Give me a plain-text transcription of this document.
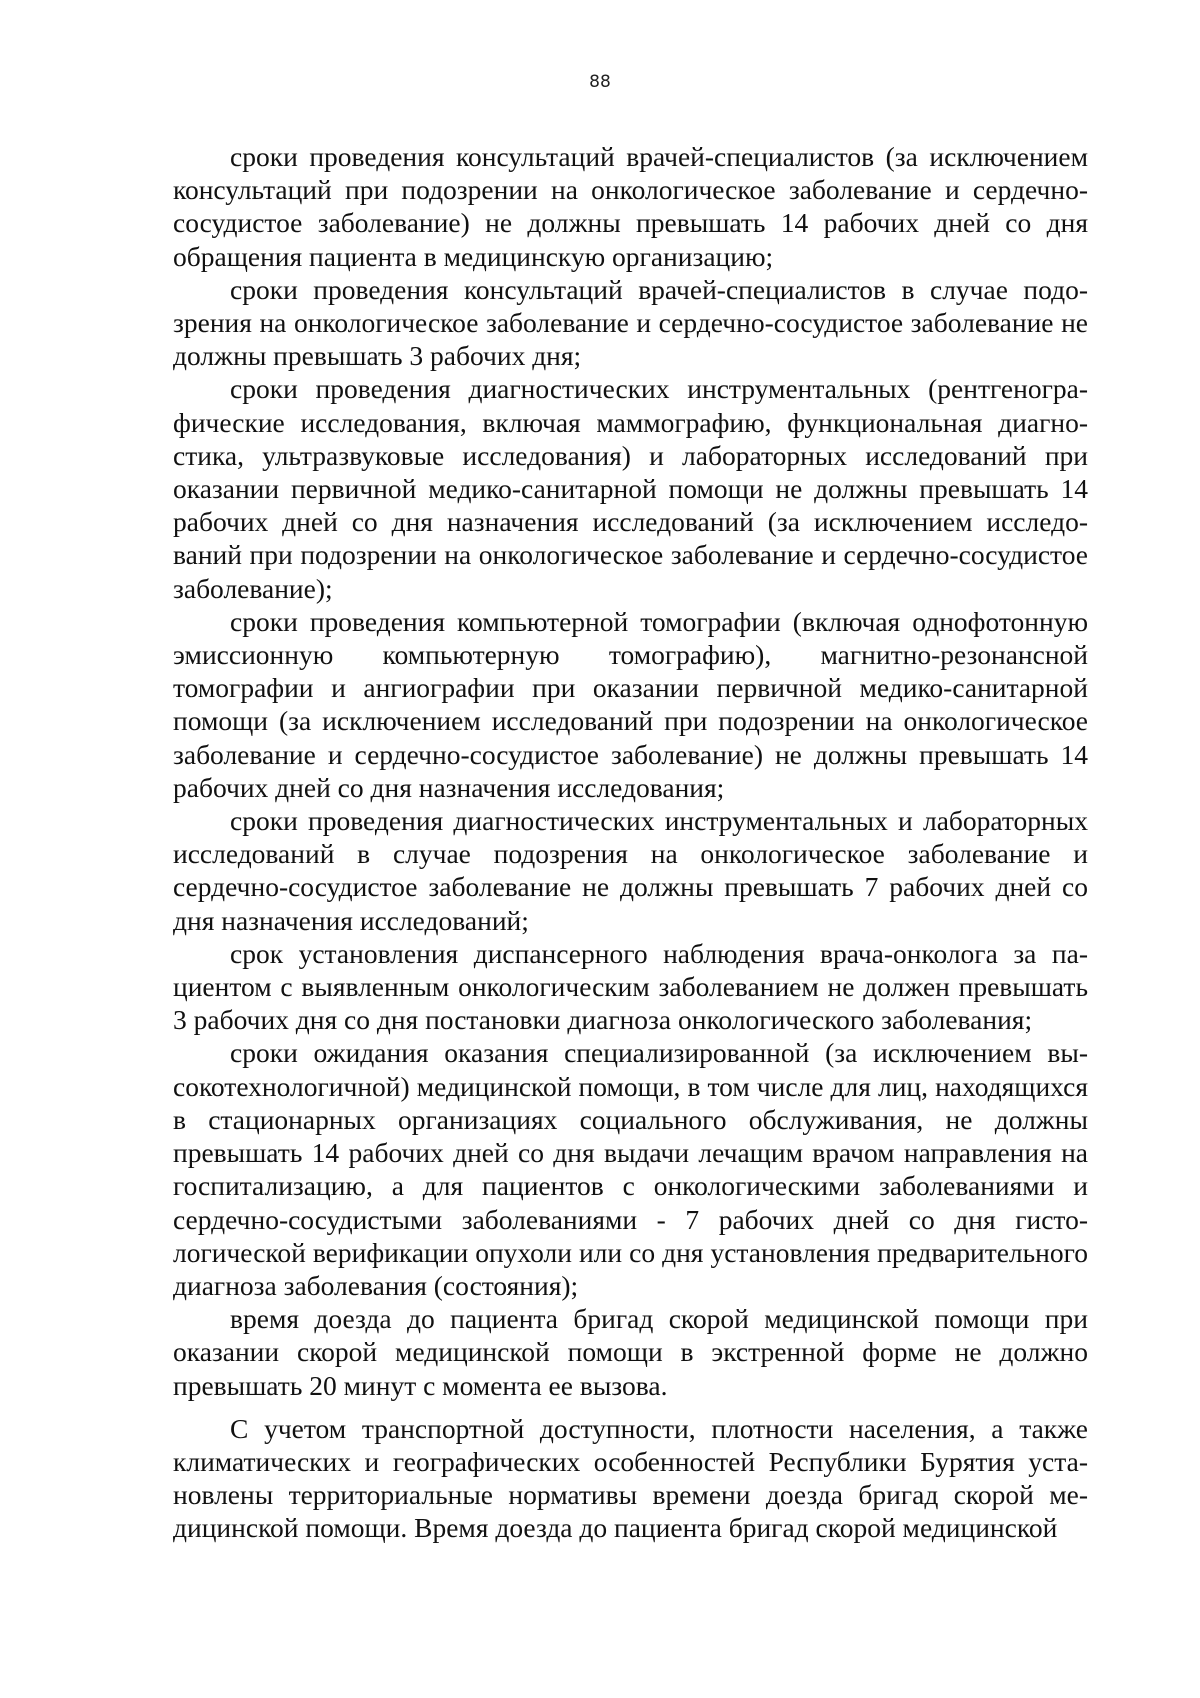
88

сроки проведения консультаций врачей-специалистов (за исключением консультаций при подозрении на онкологическое заболевание и сердечно-сосудистое заболевание) не должны превышать 14 рабочих дней со дня обращения пациента в медицинскую организацию;

сроки проведения консультаций врачей-специалистов в случае подозрения на онкологическое заболевание и сердечно-сосудистое заболевание не должны превышать 3 рабочих дня;

сроки проведения диагностических инструментальных (рентгенографические исследования, включая маммографию, функциональная диагностика, ультразвуковые исследования) и лабораторных исследований при оказании первичной медико-санитарной помощи не должны превышать 14 рабочих дней со дня назначения исследований (за исключением исследований при подозрении на онкологическое заболевание и сердечно-сосудистое заболевание);

сроки проведения компьютерной томографии (включая однофотонную эмиссионную компьютерную томографию), магнитно-резонансной томографии и ангиографии при оказании первичной медико-санитарной помощи (за исключением исследований при подозрении на онкологическое заболевание и сердечно-сосудистое заболевание) не должны превышать 14 рабочих дней со дня назначения исследования;

сроки проведения диагностических инструментальных и лабораторных исследований в случае подозрения на онкологическое заболевание и сердечно-сосудистое заболевание не должны превышать 7 рабочих дней со дня назначения исследований;

срок установления диспансерного наблюдения врача-онколога за пациентом с выявленным онкологическим заболеванием не должен превышать 3 рабочих дня со дня постановки диагноза онкологического заболевания;

сроки ожидания оказания специализированной (за исключением высокотехнологичной) медицинской помощи, в том числе для лиц, находящихся в стационарных организациях социального обслуживания, не должны превышать 14 рабочих дней со дня выдачи лечащим врачом направления на госпитализацию, а для пациентов с онкологическими заболеваниями и сердечно-сосудистыми заболеваниями - 7 рабочих дней со дня гистологической верификации опухоли или со дня установления предварительного диагноза заболевания (состояния);

время доезда до пациента бригад скорой медицинской помощи при оказании скорой медицинской помощи в экстренной форме не должно превышать 20 минут с момента ее вызова.

С учетом транспортной доступности, плотности населения, а также климатических и географических особенностей Республики Бурятия установлены территориальные нормативы времени доезда бригад скорой медицинской помощи. Время доезда до пациента бригад скорой медицинской
